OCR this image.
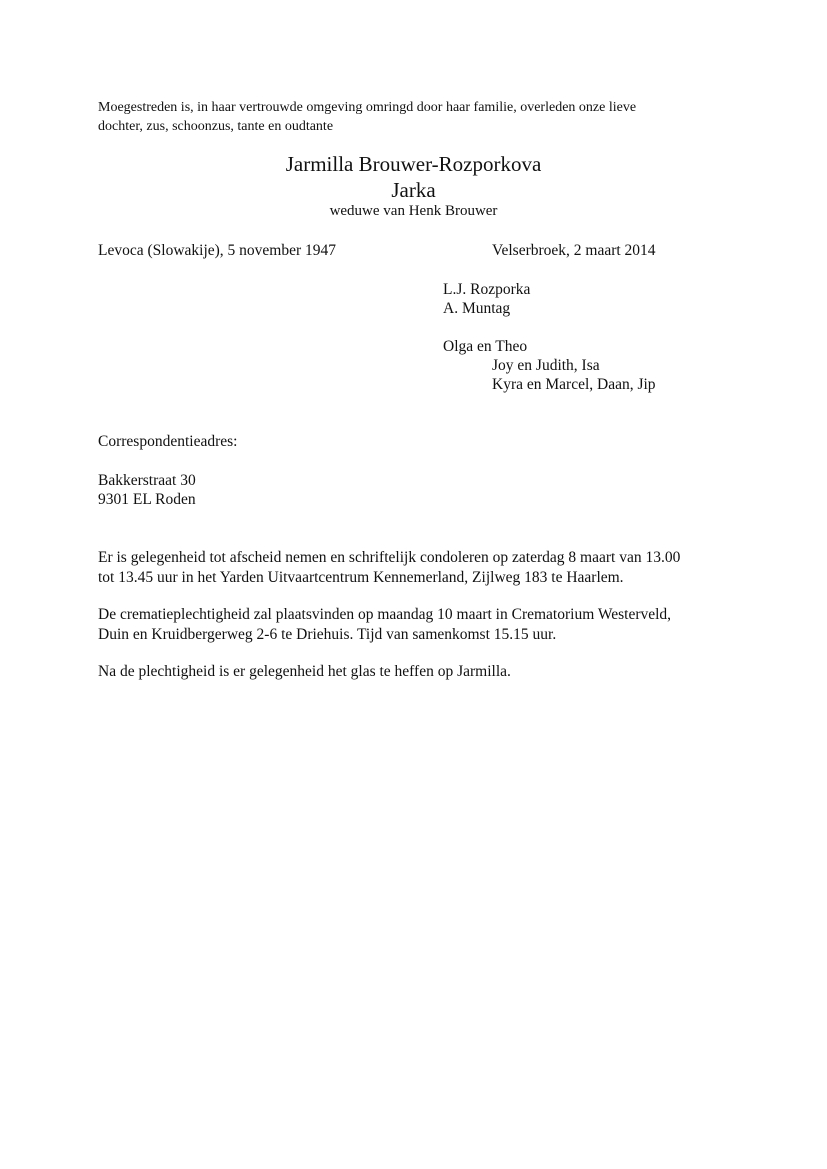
Moegestreden is, in haar vertrouwde omgeving omringd door haar familie, overleden onze lieve
dochter, zus, schoonzus, tante en oudtante
Jarmilla Brouwer-Rozporkova
Jarka
weduwe van Henk Brouwer
Levoca (Slowakije), 5 november 1947	Velserbroek, 2 maart 2014
L.J. Rozporka
A. Muntag
Olga en Theo
Joy en Judith, Isa
Kyra en Marcel, Daan, Jip
Correspondentieadres:
Bakkerstraat 30
9301 EL Roden
Er is gelegenheid tot afscheid nemen en schriftelijk condoleren op zaterdag 8 maart van 13.00
tot 13.45 uur in het Yarden Uitvaartcentrum Kennemerland, Zijlweg 183 te Haarlem.
De crematieplechtigheid zal plaatsvinden op maandag 10 maart in Crematorium Westerveld,
Duin en Kruidbergerweg 2-6 te Driehuis. Tijd van samenkomst 15.15 uur.
Na de plechtigheid is er gelegenheid het glas te heffen op Jarmilla.
